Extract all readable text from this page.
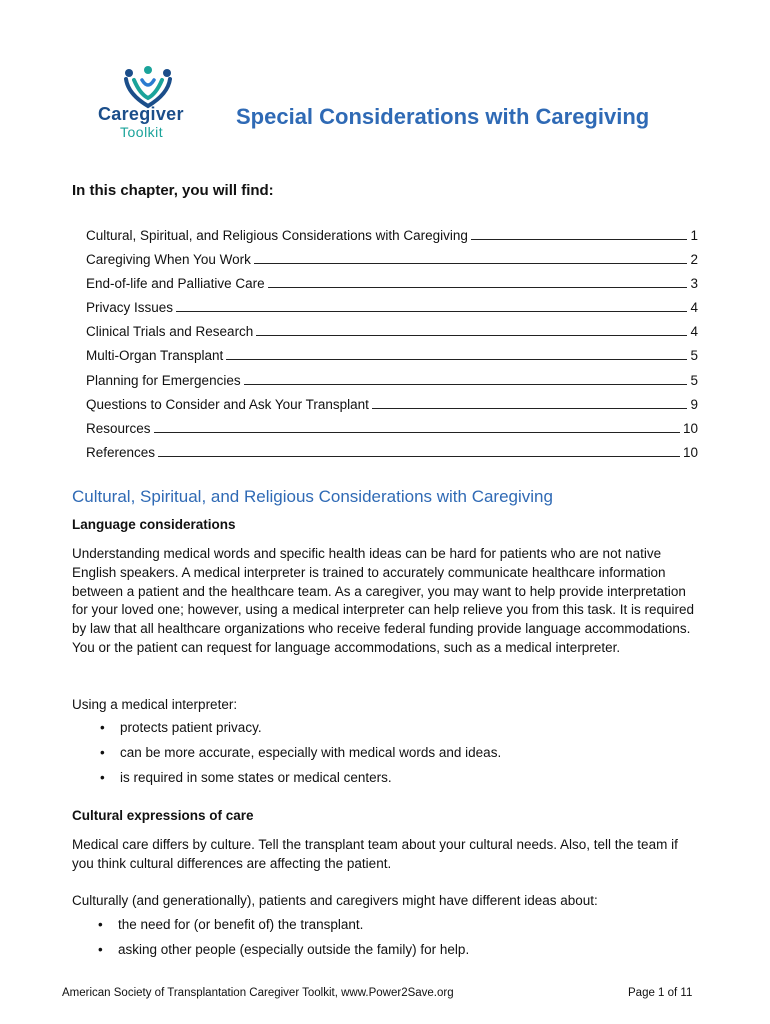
Caregiver
Toolkit
Special Considerations with Caregiving
In this chapter, you will find:
Cultural, Spiritual, and Religious Considerations with Caregiving	1
Caregiving When You Work	2
End-of-life and Palliative Care	3
Privacy Issues	4
Clinical Trials and Research	4
Multi-Organ Transplant	5
Planning for Emergencies	5
Questions to Consider and Ask Your Transplant	9
Resources	10
References	10
Cultural, Spiritual, and Religious Considerations with Caregiving
Language considerations

Understanding medical words and specific health ideas can be hard for patients who are not native English speakers. A medical interpreter is trained to accurately communicate healthcare information between a patient and the healthcare team. As a caregiver, you may want to help provide interpretation for your loved one; however, using a medical interpreter can help relieve you from this task. It is required by law that all healthcare organizations who receive federal funding provide language accommodations. You or the patient can request for language accommodations, such as a medical interpreter.

Using a medical interpreter:

• protects patient privacy.
• can be more accurate, especially with medical words and ideas.
• is required in some states or medical centers.
Cultural expressions of care

Medical care differs by culture. Tell the transplant team about your cultural needs. Also, tell the team if you think cultural differences are affecting the patient.

Culturally (and generationally), patients and caregivers might have different ideas about:

• the need for (or benefit of) the transplant.
• asking other people (especially outside the family) for help.
American Society of Transplantation Caregiver Toolkit, www.Power2Save.org	Page 1 of 11
